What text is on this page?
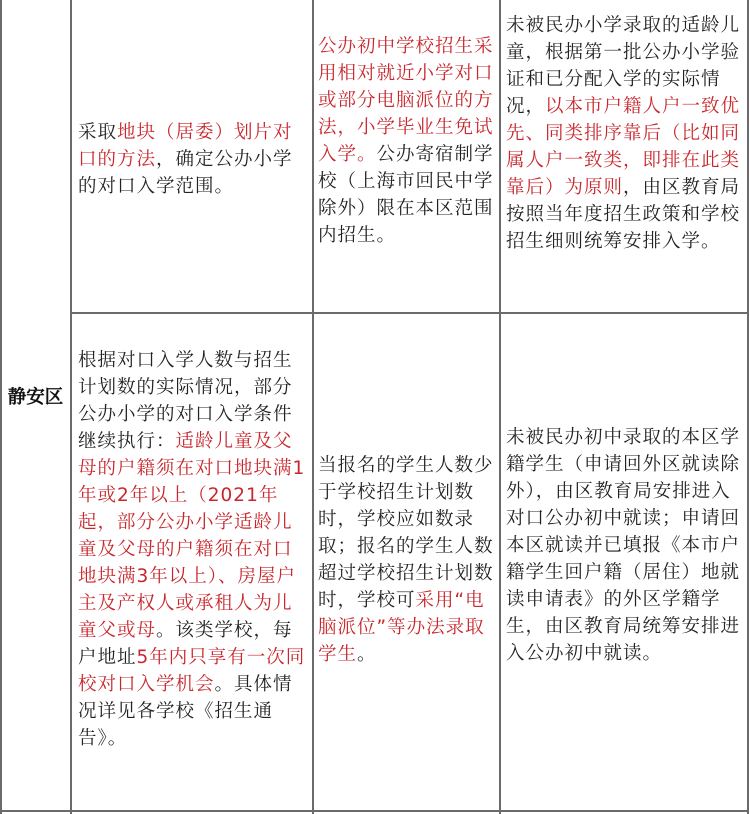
静安区
采取地块（居委）划片对口的方法，确定公办小学的对口入学范围。
公办初中学校招生采用相对就近小学对口或部分电脑派位的方法，小学毕业生免试入学。公办寄宿制学校（上海市回民中学除外）限在本区范围内招生。
未被民办小学录取的适龄儿童，根据第一批公办小学验证和已分配入学的实际情况，以本市户籍人户一致优先、同类排序靠后（比如同属人户一致类，即排在此类靠后）为原则，由区教育局按照当年度招生政策和学校招生细则统筹安排入学。
根据对口入学人数与招生计划数的实际情况，部分公办小学的对口入学条件继续执行：适龄儿童及父母的户籍须在对口地块满1年或2年以上（2021年起，部分公办小学适龄儿童及父母的户籍须在对口地块满3年以上）、房屋户主及产权人或承租人为儿童父或母。该类学校，每户地址5年内只享有一次同校对口入学机会。具体情况详见各学校《招生通告》。
当报名的学生人数少于学校招生计划数时，学校应如数录取；报名的学生人数超过学校招生计划数时，学校可采用“电脑派位”等办法录取学生。
未被民办初中录取的本区学籍学生（申请回外区就读除外），由区教育局安排进入对口公办初中就读；申请回本区就读并已填报《本市户籍学生回户籍（居住）地就读申请表》的外区学籍学生，由区教育局统筹安排进入公办初中就读。
